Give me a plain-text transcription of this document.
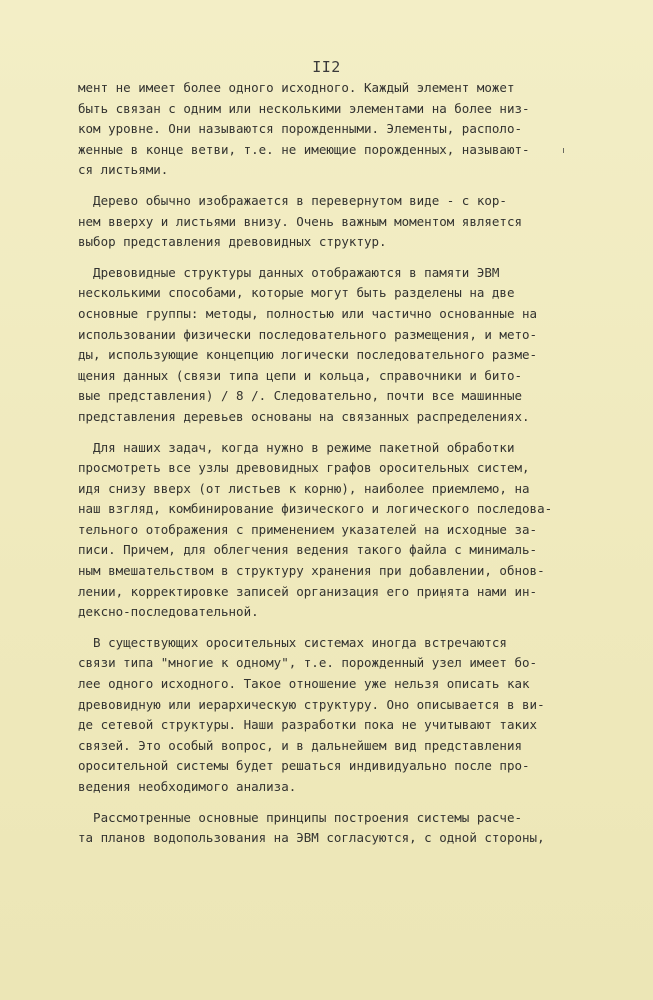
II2
мент не имеет более одного исходного. Каждый элемент может
быть связан с одним или несколькими элементами на более низ-
ком уровне. Они называются порожденными. Элементы, располо-
женные в конце ветви, т.е. не имеющие порожденных, называют-
ся листьями.
Дерево обычно изображается в перевернутом виде - с кор-
нем вверху и листьями внизу. Очень важным моментом является
выбор представления древовидных структур.
Древовидные структуры данных отображаются в памяти ЭВМ
несколькими способами, которые могут быть разделены на две
основные группы: методы, полностью или частично основанные на
использовании физически последовательного размещения, и мето-
ды, использующие концепцию логически последовательного разме-
щения данных (связи типа цепи и кольца, справочники и бито-
вые представления) / 8 /. Следовательно, почти все машинные
представления деревьев основаны на связанных распределениях.
Для наших задач, когда нужно в режиме пакетной обработки
просмотреть все узлы древовидных графов оросительных систем,
идя снизу вверх (от листьев к корню), наиболее приемлемо, на
наш взгляд, комбинирование физического и логического последова-
тельного отображения с применением указателей на исходные за-
писи. Причем, для облегчения ведения такого файла с минималь-
ным вмешательством в структуру хранения при добавлении, обнов-
лении, корректировке записей организация его принята нами ин-
дексно-последовательной.
В существующих оросительных системах иногда встречаются
связи типа "многие к одному", т.е. порожденный узел имеет бо-
лее одного исходного. Такое отношение уже нельзя описать как
древовидную или иерархическую структуру. Оно описывается в ви-
де сетевой структуры. Наши разработки пока не учитывают таких
связей. Это особый вопрос, и в дальнейшем вид представления
оросительной системы будет решаться индивидуально после про-
ведения необходимого анализа.
Рассмотренные основные принципы построения системы расче-
та планов водопользования на ЭВМ согласуются, с одной стороны,
